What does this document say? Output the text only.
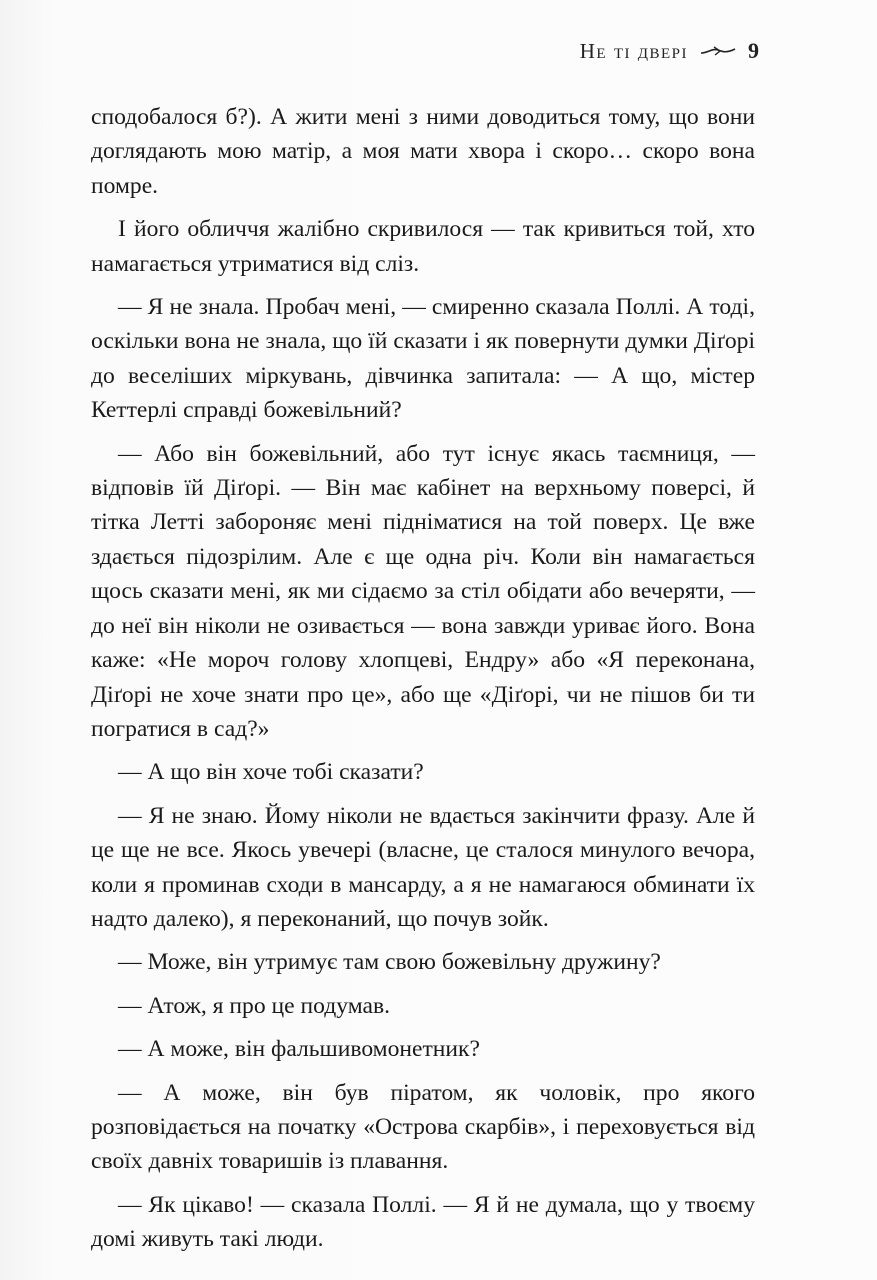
Не ті двері	9

сподобалося б?). А жити мені з ними доводиться тому, що вони доглядають мою матір, а моя мати хвора і скоро… скоро вона помре.

І його обличчя жалібно скривилося — так кривиться той, хто намагається утриматися від сліз.

— Я не знала. Пробач мені, — смиренно сказала Поллі. А тоді, оскільки вона не знала, що їй сказати і як повернути думки Діґорі до веселіших міркувань, дівчинка запитала: — А що, містер Кеттерлі справді божевільний?

— Або він божевільний, або тут існує якась таємниця, — відповів їй Діґорі. — Він має кабінет на верхньому поверсі, й тітка Летті забороняє мені підніматися на той поверх. Це вже здається підозрілим. Але є ще одна річ. Коли він намагається щось сказати мені, як ми сідаємо за стіл обідати або вечеряти, — до неї він ніколи не озивається — вона завжди уриває його. Вона каже: «Не мороч голову хлопцеві, Ендру» або «Я переконана, Діґорі не хоче знати про це», або ще «Діґорі, чи не пішов би ти погратися в сад?»

— А що він хоче тобі сказати?

— Я не знаю. Йому ніколи не вдається закінчити фразу. Але й це ще не все. Якось увечері (власне, це сталося минулого вечора, коли я проминав сходи в мансарду, а я не намагаюся обминати їх надто далеко), я переконаний, що почув зойк.

— Може, він утримує там свою божевільну дружину?

— Атож, я про це подумав.

— А може, він фальшивомонетник?

— А може, він був піратом, як чоловік, про якого розповідається на початку «Острова скарбів», і переховується від своїх давніх товаришів із плавання.

— Як цікаво! — сказала Поллі. — Я й не думала, що у твоєму домі живуть такі люди.
